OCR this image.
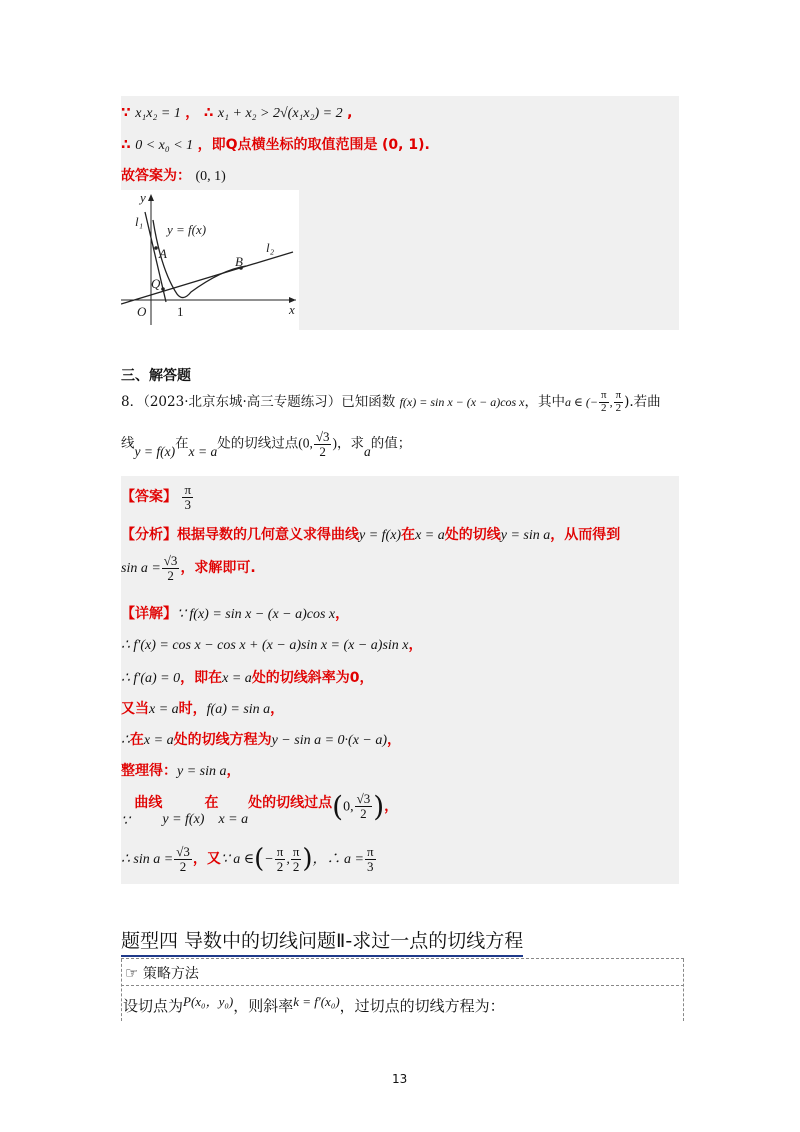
∵ x₁x₂ = 1 ， ∴ x₁ + x₂ > 2√(x₁x₂) = 2 ,
∴ 0 < x₀ < 1 ，即Q点横坐标的取值范围是 (0, 1).
故答案为： (0, 1)
y
l₁
y = f(x)
A
B
l₂
Q
O 1	x
三、解答题
8．（2023·北京东城·高三专题练习）已知函数 f(x) = sin x − (x − a)cos x，其中a ∈ (− $\frac{\pi}{2}$ , $\frac{\pi}{2}$ ).若曲
线y = f(x)在x = a处的切线过点(0, $\frac{√3}{2}$ )，求a的值；
【答案】 $\frac{\pi}{3}$
【分析】根据导数的几何意义求得曲线y = f(x)在x = a处的切线y = sin a，从而得到
$\sin a = \frac{√3}{2}$ ，求解即可.
【详解】∵ f(x) = sin x − (x − a)cos x，
∴ f′(x) = cos x − cos x + (x − a)sin x = (x − a)sin x，
∴ f′(a) = 0，即在x = a处的切线斜率为0，
又当x = a时，f(a) = sin a，
∴在x = a处的切线方程为y − sin a = 0·(x − a)，
整理得：y = sin a，
∵ 曲线y = f(x)在x = a处的切线过点(0, $\frac{√3}{2}$ )，
∴ $\sin a = \frac{√3}{2}$ ，又∵ a ∈(− $\frac{\pi}{2}$ , $\frac{\pi}{2}$ )，∴ $a = \frac{\pi}{3}$
题型四 导数中的切线问题Ⅱ-求过一点的切线方程
☞ 策略方法
设切点为P(x₀，y₀)，则斜率k = f′(x₀)，过切点的切线方程为：
13
